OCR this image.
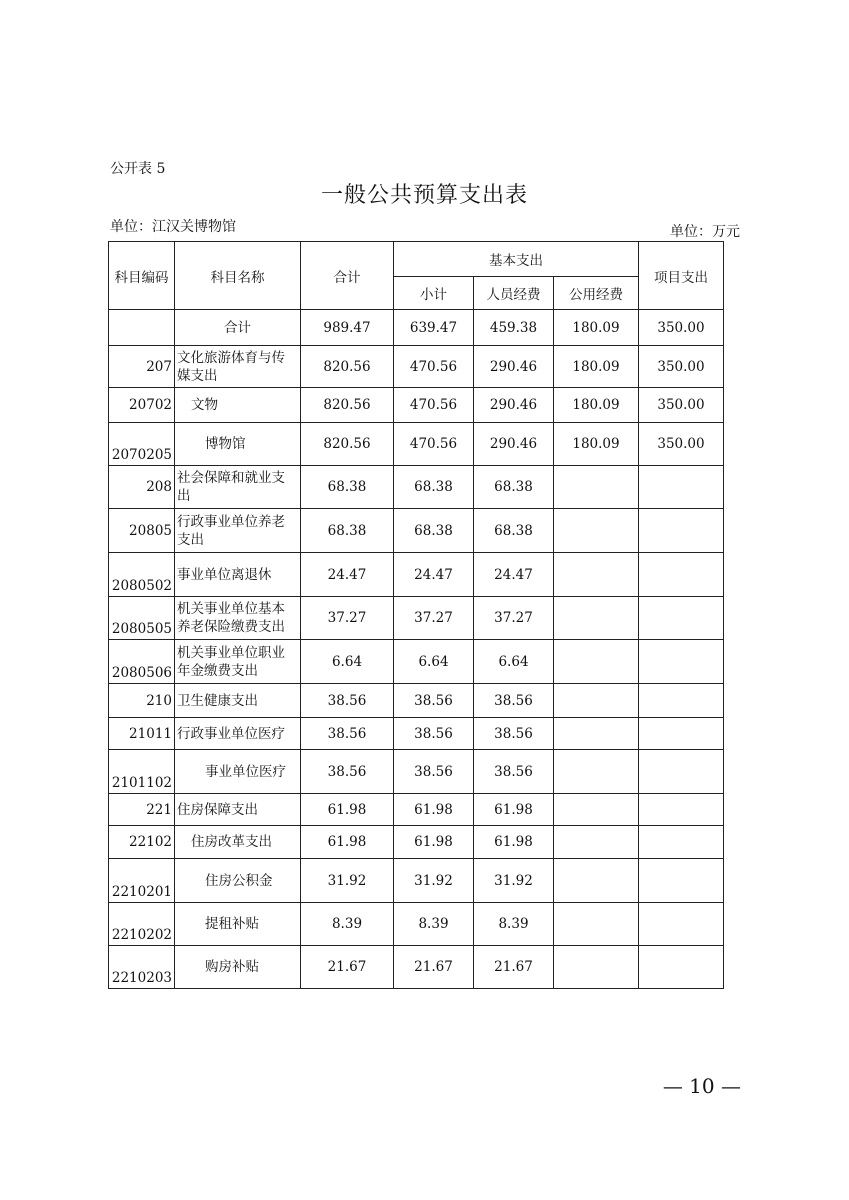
公开表 5
一般公共预算支出表
单位：江汉关博物馆	单位：万元
科目编码	科目名称	合计	基本支出			项目支出
			小计	人员经费	公用经费	
	合计	989.47	639.47	459.38	180.09	350.00
207	文化旅游体育与传媒支出	820.56	470.56	290.46	180.09	350.00
20702	文物	820.56	470.56	290.46	180.09	350.00
2070205	博物馆	820.56	470.56	290.46	180.09	350.00
208	社会保障和就业支出	68.38	68.38	68.38		
20805	行政事业单位养老支出	68.38	68.38	68.38		
2080502	事业单位离退休	24.47	24.47	24.47		
2080505	机关事业单位基本养老保险缴费支出	37.27	37.27	37.27		
2080506	机关事业单位职业年金缴费支出	6.64	6.64	6.64		
210	卫生健康支出	38.56	38.56	38.56		
21011	行政事业单位医疗	38.56	38.56	38.56		
2101102	事业单位医疗	38.56	38.56	38.56		
221	住房保障支出	61.98	61.98	61.98		
22102	住房改革支出	61.98	61.98	61.98		
2210201	住房公积金	31.92	31.92	31.92		
2210202	提租补贴	8.39	8.39	8.39		
2210203	购房补贴	21.67	21.67	21.67		
— 10 —
